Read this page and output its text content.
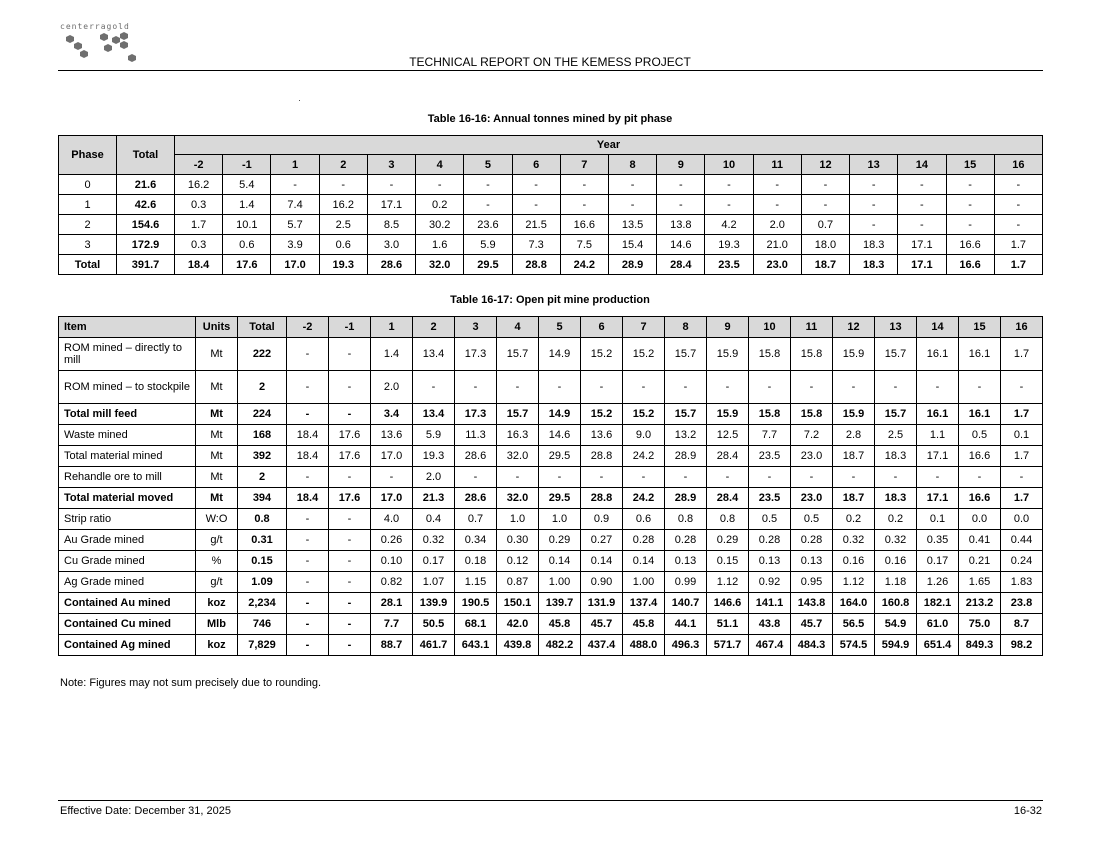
centerragold
TECHNICAL REPORT ON THE KEMESS PROJECT
Table 16-16: Annual tonnes mined by pit phase
Phase	Total	Year																	
		-2	-1	1	2	3	4	5	6	7	8	9	10	11	12	13	14	15	16
0	21.6	16.2	5.4	-	-	-	-	-	-	-	-	-	-	-	-	-	-	-	-
1	42.6	0.3	1.4	7.4	16.2	17.1	0.2	-	-	-	-	-	-	-	-	-	-	-	-
2	154.6	1.7	10.1	5.7	2.5	8.5	30.2	23.6	21.5	16.6	13.5	13.8	4.2	2.0	0.7	-	-	-	-
3	172.9	0.3	0.6	3.9	0.6	3.0	1.6	5.9	7.3	7.5	15.4	14.6	19.3	21.0	18.0	18.3	17.1	16.6	1.7
Total	391.7	18.4	17.6	17.0	19.3	28.6	32.0	29.5	28.8	24.2	28.9	28.4	23.5	23.0	18.7	18.3	17.1	16.6	1.7
Table 16-17: Open pit mine production
Item	Units	Total	-2	-1	1	2	3	4	5	6	7	8	9	10	11	12	13	14	15	16
ROM mined – directly to mill	Mt	222	-	-	1.4	13.4	17.3	15.7	14.9	15.2	15.2	15.7	15.9	15.8	15.8	15.9	15.7	16.1	16.1	1.7
ROM mined – to stockpile	Mt	2	-	-	2.0	-	-	-	-	-	-	-	-	-	-	-	-	-	-	-
Total mill feed	Mt	224	-	-	3.4	13.4	17.3	15.7	14.9	15.2	15.2	15.7	15.9	15.8	15.8	15.9	15.7	16.1	16.1	1.7
Waste mined	Mt	168	18.4	17.6	13.6	5.9	11.3	16.3	14.6	13.6	9.0	13.2	12.5	7.7	7.2	2.8	2.5	1.1	0.5	0.1
Total material mined	Mt	392	18.4	17.6	17.0	19.3	28.6	32.0	29.5	28.8	24.2	28.9	28.4	23.5	23.0	18.7	18.3	17.1	16.6	1.7
Rehandle ore to mill	Mt	2	-	-	-	2.0	-	-	-	-	-	-	-	-	-	-	-	-	-	-
Total material moved	Mt	394	18.4	17.6	17.0	21.3	28.6	32.0	29.5	28.8	24.2	28.9	28.4	23.5	23.0	18.7	18.3	17.1	16.6	1.7
Strip ratio	W:O	0.8	-	-	4.0	0.4	0.7	1.0	1.0	0.9	0.6	0.8	0.8	0.5	0.5	0.2	0.2	0.1	0.0	0.0
Au Grade mined	g/t	0.31	-	-	0.26	0.32	0.34	0.30	0.29	0.27	0.28	0.28	0.29	0.28	0.28	0.32	0.32	0.35	0.41	0.44
Cu Grade mined	%	0.15	-	-	0.10	0.17	0.18	0.12	0.14	0.14	0.14	0.13	0.15	0.13	0.13	0.16	0.16	0.17	0.21	0.24
Ag Grade mined	g/t	1.09	-	-	0.82	1.07	1.15	0.87	1.00	0.90	1.00	0.99	1.12	0.92	0.95	1.12	1.18	1.26	1.65	1.83
Contained Au mined	koz	2,234	-	-	28.1	139.9	190.5	150.1	139.7	131.9	137.4	140.7	146.6	141.1	143.8	164.0	160.8	182.1	213.2	23.8
Contained Cu mined	Mlb	746	-	-	7.7	50.5	68.1	42.0	45.8	45.7	45.8	44.1	51.1	43.8	45.7	56.5	54.9	61.0	75.0	8.7
Contained Ag mined	koz	7,829	-	-	88.7	461.7	643.1	439.8	482.2	437.4	488.0	496.3	571.7	467.4	484.3	574.5	594.9	651.4	849.3	98.2
Note: Figures may not sum precisely due to rounding.
Effective Date: December 31, 2025	16-32
